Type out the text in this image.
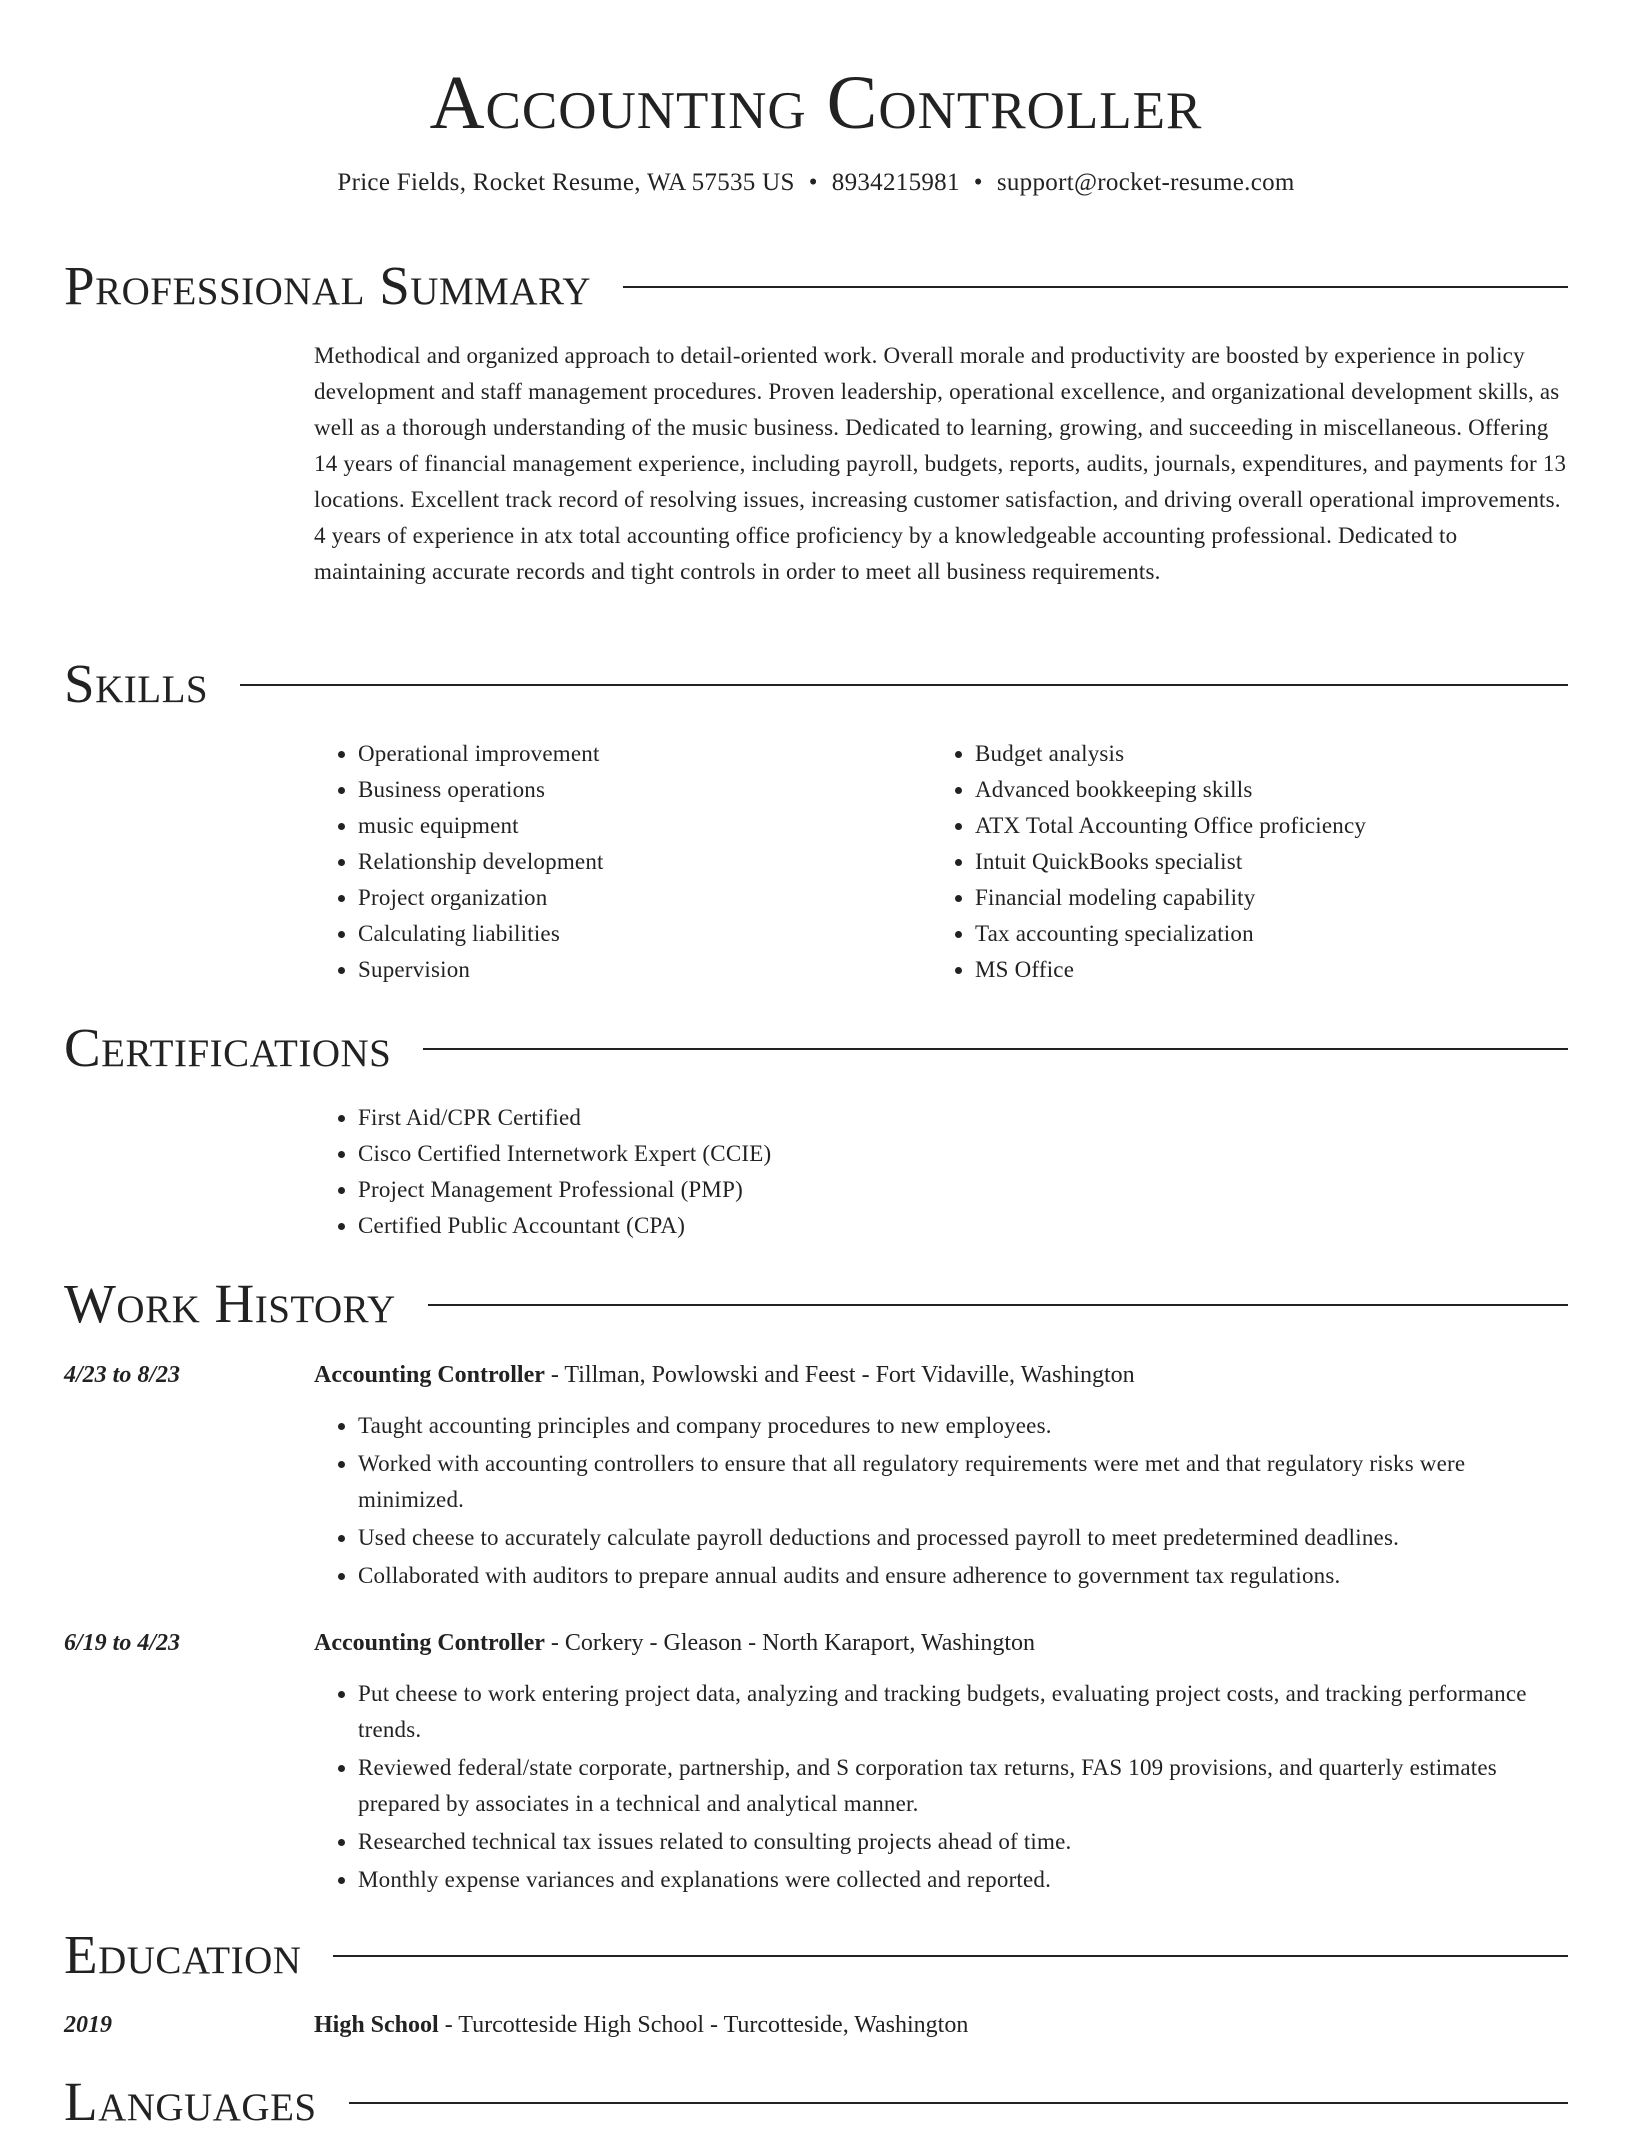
Accounting Controller
Price Fields, Rocket Resume, WA 57535 US • 8934215981 • support@rocket-resume.com
Professional Summary

Methodical and organized approach to detail-oriented work. Overall morale and productivity are boosted by experience in policy development and staff management procedures. Proven leadership, operational excellence, and organizational development skills, as well as a thorough understanding of the music business. Dedicated to learning, growing, and succeeding in miscellaneous. Offering 14 years of financial management experience, including payroll, budgets, reports, audits, journals, expenditures, and payments for 13 locations. Excellent track record of resolving issues, increasing customer satisfaction, and driving overall operational improvements. 4 years of experience in atx total accounting office proficiency by a knowledgeable accounting professional. Dedicated to maintaining accurate records and tight controls in order to meet all business requirements.

Skills
• Operational improvement
• Business operations
• music equipment
• Relationship development
• Project organization
• Calculating liabilities
• Supervision
• Budget analysis
• Advanced bookkeeping skills
• ATX Total Accounting Office proficiency
• Intuit QuickBooks specialist
• Financial modeling capability
• Tax accounting specialization
• MS Office
Certifications
• First Aid/CPR Certified
• Cisco Certified Internetwork Expert (CCIE)
• Project Management Professional (PMP)
• Certified Public Accountant (CPA)
Work History
4/23 to 8/23	Accounting Controller - Tillman, Powlowski and Feest - Fort Vidaville, Washington
• Taught accounting principles and company procedures to new employees.
• Worked with accounting controllers to ensure that all regulatory requirements were met and that regulatory risks were minimized.
• Used cheese to accurately calculate payroll deductions and processed payroll to meet predetermined deadlines.
• Collaborated with auditors to prepare annual audits and ensure adherence to government tax regulations.
6/19 to 4/23	Accounting Controller - Corkery - Gleason - North Karaport, Washington
• Put cheese to work entering project data, analyzing and tracking budgets, evaluating project costs, and tracking performance trends.
• Reviewed federal/state corporate, partnership, and S corporation tax returns, FAS 109 provisions, and quarterly estimates prepared by associates in a technical and analytical manner.
• Researched technical tax issues related to consulting projects ahead of time.
• Monthly expense variances and explanations were collected and reported.
Education
2019	High School - Turcotteside High School - Turcotteside, Washington
Languages
